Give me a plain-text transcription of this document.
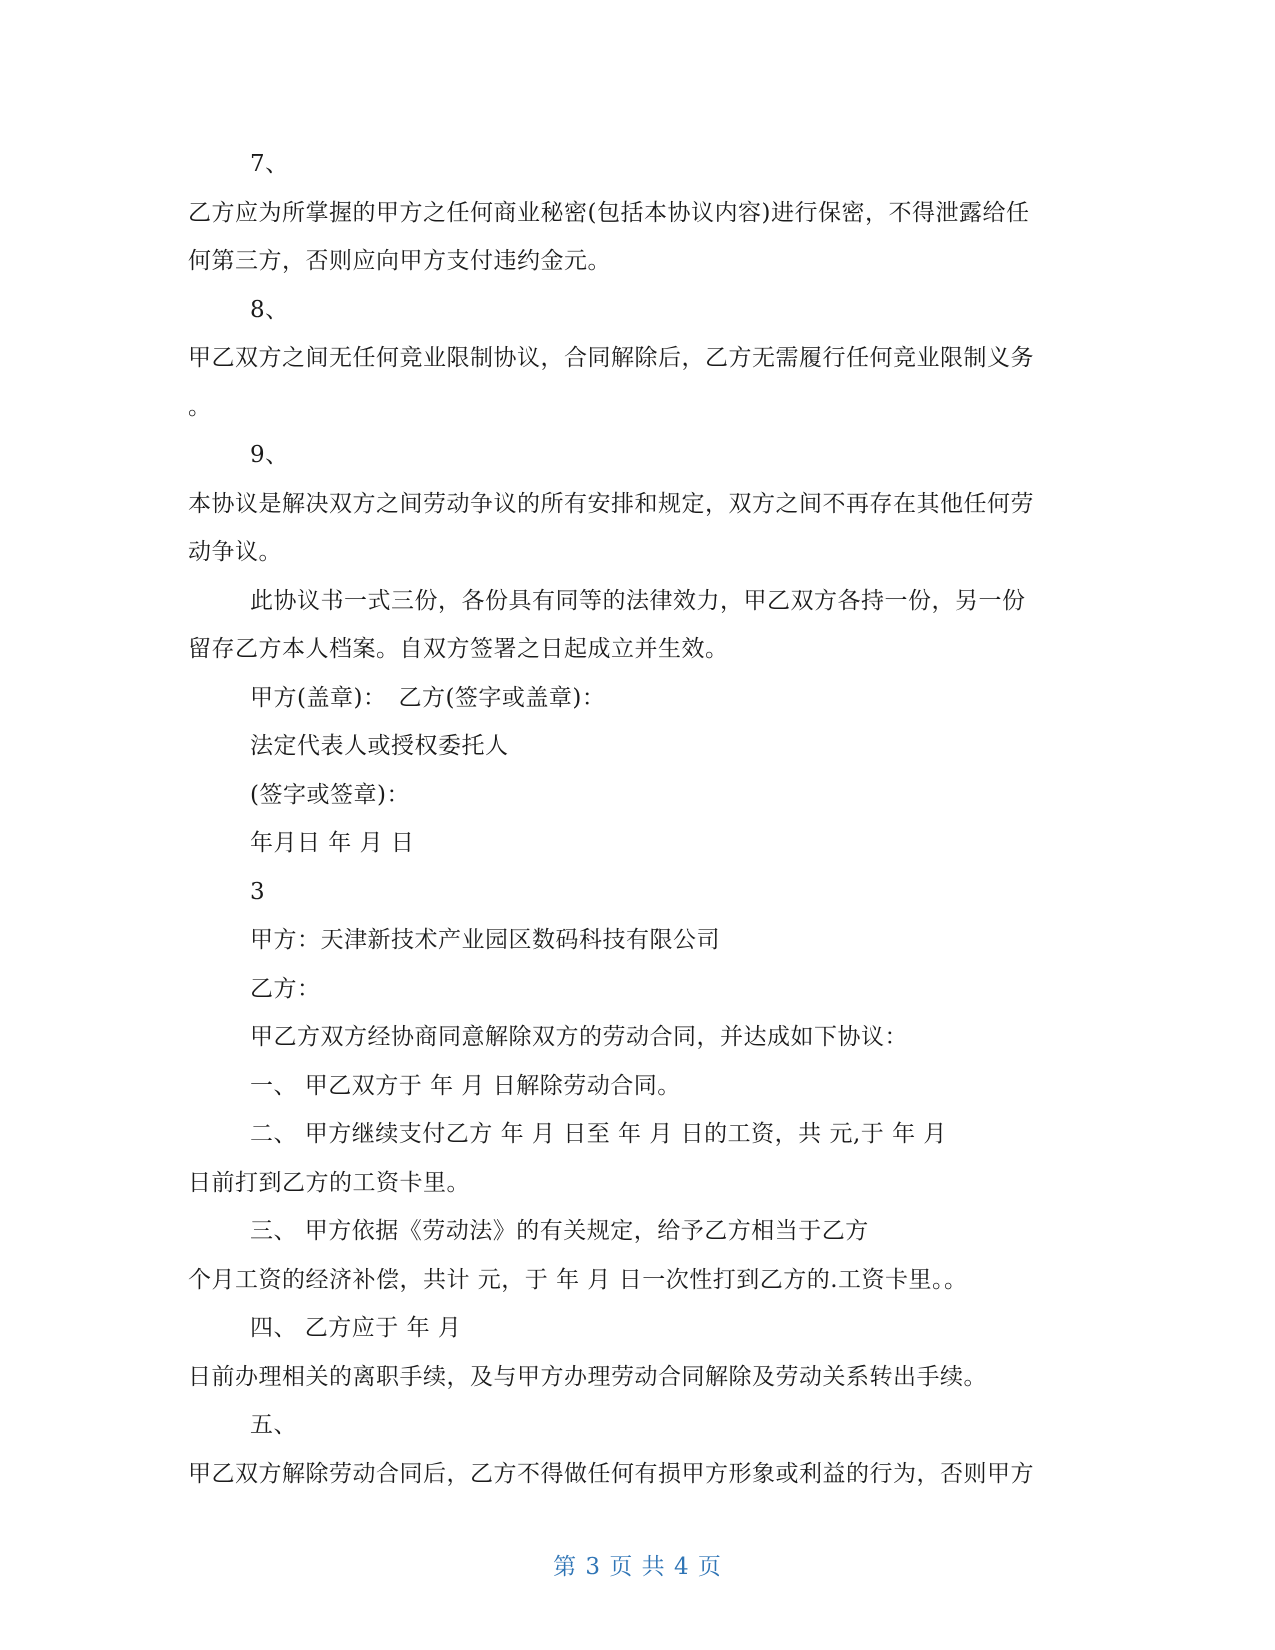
7、
乙方应为所掌握的甲方之任何商业秘密(包括本协议内容)进行保密，不得泄露给任
何第三方，否则应向甲方支付违约金元。
8、
甲乙双方之间无任何竞业限制协议，合同解除后，乙方无需履行任何竞业限制义务
。
9、
本协议是解决双方之间劳动争议的所有安排和规定，双方之间不再存在其他任何劳
动争议。
此协议书一式三份，各份具有同等的法律效力，甲乙双方各持一份，另一份
留存乙方本人档案。自双方签署之日起成立并生效。
甲方(盖章)：　乙方(签字或盖章)：
法定代表人或授权委托人
(签字或签章)：
年月日 年 月 日
3
甲方：天津新技术产业园区数码科技有限公司
乙方：
甲乙方双方经协商同意解除双方的劳动合同，并达成如下协议：
一、 甲乙双方于 年 月 日解除劳动合同。
二、 甲方继续支付乙方 年 月 日至 年 月 日的工资，共 元,于 年 月
日前打到乙方的工资卡里。
三、 甲方依据《劳动法》的有关规定，给予乙方相当于乙方
个月工资的经济补偿，共计 元，于 年 月 日一次性打到乙方的.工资卡里。。
四、 乙方应于 年 月
日前办理相关的离职手续，及与甲方办理劳动合同解除及劳动关系转出手续。
五、
甲乙双方解除劳动合同后，乙方不得做任何有损甲方形象或利益的行为，否则甲方
第 3 页 共 4 页
